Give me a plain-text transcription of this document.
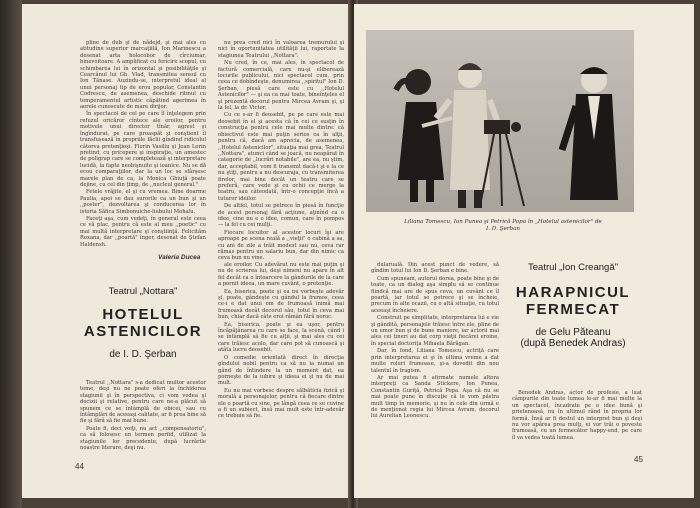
pline de dub şi de nădejd, şi mai ales cu atitudine superior marcaţiilă, Ion Marinescu a desenat arta holocobor de cîrciumar, binevoitoare. A amplificat cu fericire scopul, cu schimbarea lui în orizontal şi posibilităţile şi Cearcănul lui Gh. Vlad, transmitea sensul cu Ion Tănase. Auzindu-se, interpretul ideal al unui personaj tip de erou popular, Constantin Codrescu, de asemenea, deschide ritmul cu temperamentul artistic căpătind agerimea în aerele cunoscute de mare dirijor.

În spectacol de cel pe care îl înţelegem prin refuzul oricăror cîntece ale eroilor, pentru motivele unui director tînăr, agrest şi îngîndurat, pe care proaspăt şi conştient îl transfusează în propriile făclii gîndind ridicolul câtorva pretenţioşi. Florin Vasiliu şi Jean Lorin pretind, cu pricepere şi inspiraţie, un amestec de poligrap care se completează şi interpretare lucidă, la fapte neobişnuite şi ioanice. Nu se dă ecou comparaţiilor, dar la un loc se sfârşesc marele plan de ca, la Monica Ghiuţă poate dejine, cu cel din ţimp, de ,,nucleul general."

Fetele vrăjite, el şi cu vremea. Bine doarme Paulia, apoi se dau surorile ca un bun şi un ,,poster", dezvoltarea şi conducerea lor în istoria Săfica Simbonuiche-liubului Mohalu.

Faceţi aşa, cum vedeţi, în general este ceea ce vă plac, pentru că este al meu ,,poetic" cu mai multă interpretare şi conştiinţă. Felicităm Roxana, dar ,,poartă" înger, desenat de Ştefan Haldensh.

Valeria Ducea

nu prea cred nici în valoarea tremurului şi nici în oportunitatea utilităţii lui, raportate la stagiunea Teatrului ,,Nottara".

Nu cred, în ce, mai ales, în spectacol de factură comercială, care nu-şi eliberează locurile publicului, nici spectacol cum, prin ceea ce dobîndeşte, denumirea ,,spiritul" Ion D. Şerban, piesă care este cu ,,Hotelul Astenicilor" — şi ea ca mai toate, bineînţeles el şi prezentă decorul pentru Mircea Avram şi, şi la fel, la dr. Victor.

Cu ce s-ar fi deosebit, pe pe care este mai deosebit în el şi acesta că în cei ce susţin în construcţia pentru cele mai multe dintre: că obiectivul este mai puţin serios ca în alţii, pentru că, dacă am aprecia, de asemenea, ,,Hotelul Astenicilor", situaţia mai grea, Teatrul ,,Nottara", atunci când se joacă, nu neapărat în categorie de ,,lucrări notabile", are ea, nu ştim, dar, acceptabil, vom fi transmit dacă-i şi e la ce nu ştiţi, pentru a nu descuraja, cu transmiterea firelor, mai bine decât un teatru care se preferă, care vede şi cu ochii ce merge la teatru, sau câteodată, într-o concepţie încă a tuturor ideilor.

De altfel, totul se petrece în piesă în funcţie de acest personaj fără acţiune, aţinînd ca o idee, cine nu e o idee, comun, care în pompos — la fel cu cei mulţi.

Fiecare locuitor al acestor locuri îşi are aproape pe scena reală a ,,vieţii" o cabină a sa, cu ani de zile a trăit modest sau nu, ceva rar rămas pentru un salariu bun, dar din nimic ca ceva bun nu vine.

Teatrul „Nottara"
HOTELUL
ASTENICILOR
de I. D. Şerban

Teatrul ,,Nottara" s-a dedicat multor acestor teme, deşi nu ne poate oferi la închiderea stagiunii şi în perspectiva, ci vom vedea şi decizii şi relative, pentru care ne-a plăcut să spunem ce se întâmplă de obicei, sau cu întâmplări de aceeaşi calitate, ar fi prea bine să fie şi fără să fie mai bune.

Poate fi, deci voiţi, nu act ,,compensatoriu", ca să folosesc un termen perfid, utilizat la stagiunile lor precedente, după lucrările noastre literare, deşi nu.

ale eroilor. Cu adevărat nu este mai puţin şi nu de scrierea lui, deşi nimeni nu apare în alt fel decât ca o întoarcere la gândurile de la care a pornit ideea, un mare cuvânt, o pretenţie.

Ea, biserica, poate şi ea nu vorbeşte adevăr şi, poate, gândeşte cu gândul la frumos, ceea ce-i e dat unui om de frumoasă inimă mai frumoasă decât decorul său, totul în ceva mai bun, chiar dacă câte eroi rămân fără noroc.

Ea, biserica, poate şi ea uşor, pentru încăpăţânarea cu care se face, la scenă, când i se întâmplă să fie cu alţii, şi mai ales cu cei care trăiesc acolo, dar care pot să cunoască şi atâta lucru deosebit.

O comedie orientată direct în direcţia gîndului nobil pentru ca să nu ia numai un gând de întindere la un moment dat, ea porneşte de la iubire şi ideea ei şi nu de mai mult.

Eu nu mai vorbesc despre sălbăticia fizică şi morală a personajelor, pentru că fiecare dintre ele o poartă cu sine, pe lângă ceea ce se cuvine a fi un subiect, însă mai mult este într-adevăr ce trebuie să fie.

44
Liliana Tomescu, Ion Punea şi Petrică Popa în „Hotelul astenicilor" de
I. D. Şerban

dularuală. Din acest punct de vedere, să gîndim totul lui Ion D. Şerban e bine.

Cum spuneam, autorul dorea, poate bine şi de toate, ca un dialog aşa simplu să se continue fiindcă mai are de spus ceva, un cuvânt ce îl poartă, iar totul se petrece şi se încheie, precum în alte ocazii, cu o altă situaţie, cu totul aceeaşi încheiere.

Construit pe simplitate, interpretarea lui e vie şi gândită, personajele trăiesc între ele, pline de un umor bun şi de bune maniere, iar actorii mai ales cei tineri au dat corp vieţii fiecărei eroine, în special doctoriţa Mihaela Bărăgan.

Dar, în fond, Liliana Tomescu, actriţă care prin interpretarea ei şi în ultima vreme a dat multe roluri frumoase, şi-a dovedit din nou talentul în tragism.

Ar mai putea fi afirmate numele altora interpreţi ca Sanda Stickere, Ion Punea, Constantin Guriţă, Petrică Popa. Aşa că nu se mai poate pune în discuţie că le vom păstra mult timp în memorie, şi nu în cele din urmă e de menţionat regia lui Mircea Avram, decorul lui Aurelian Leonescu.

Teatrul „Ion Creangă"
HARAPNICUL
FERMECAT
de Gelu Păteanu
(după Benedek Andras)

Benedek Andras, actor de profesie, a luat câmpurile din toate lumea le-ar fi mai multe la un spectacol, încadrate pe o idee bună şi prietenoasă, nu în ultimul rând în propria lor formă. Însă ar fi destul un interpret bun şi deşi nu vor apărea prea mulţi, ei vor trăi o poveste frumoasă, cu un fermecător happy-end, pe care îl va vedea toată lumea.

45
